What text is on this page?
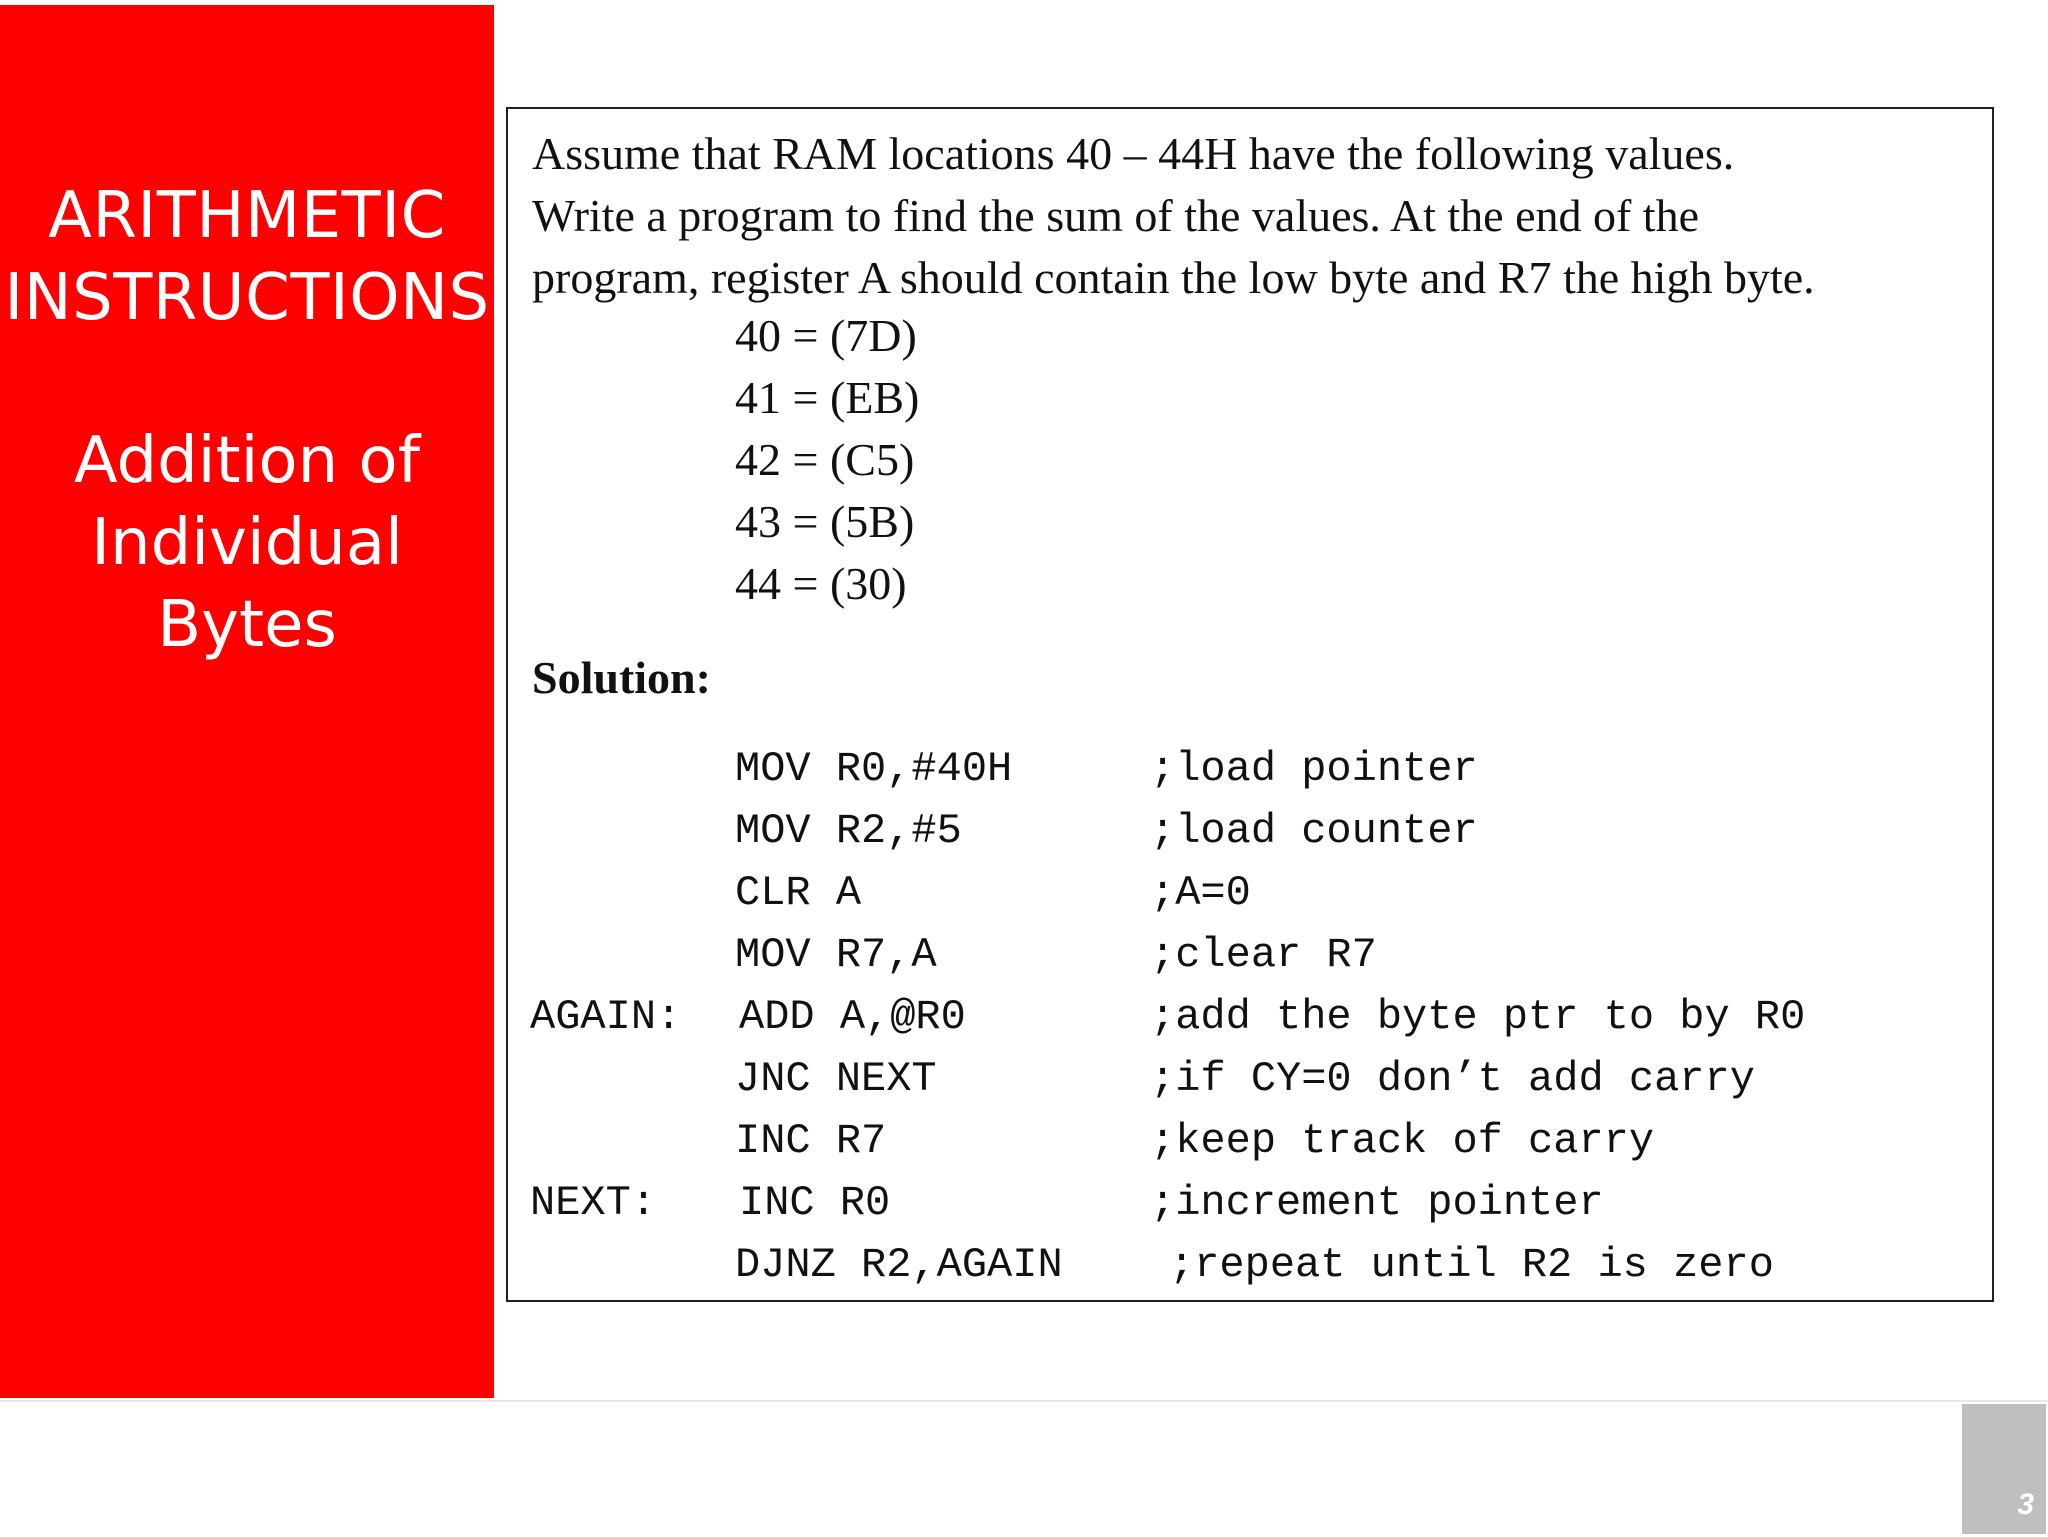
ARITHMETIC
INSTRUCTIONS
Addition of
Individual
Bytes
Assume that RAM locations 40 – 44H have the following values.
Write a program to find the sum of the values. At the end of the
program, register A should contain the low byte and R7 the high byte.
40 = (7D)
41 = (EB)
42 = (C5)
43 = (5B)
44 = (30)
Solution:
MOV R0,#40H	;load pointer
MOV R2,#5	;load counter
CLR A	;A=0
MOV R7,A	;clear R7
AGAIN: ADD A,@R0	;add the byte ptr to by R0
JNC NEXT	;if CY=0 don’t add carry
INC R7	;keep track of carry
NEXT: INC R0	;increment pointer
DJNZ R2,AGAIN	;repeat until R2 is zero
3
